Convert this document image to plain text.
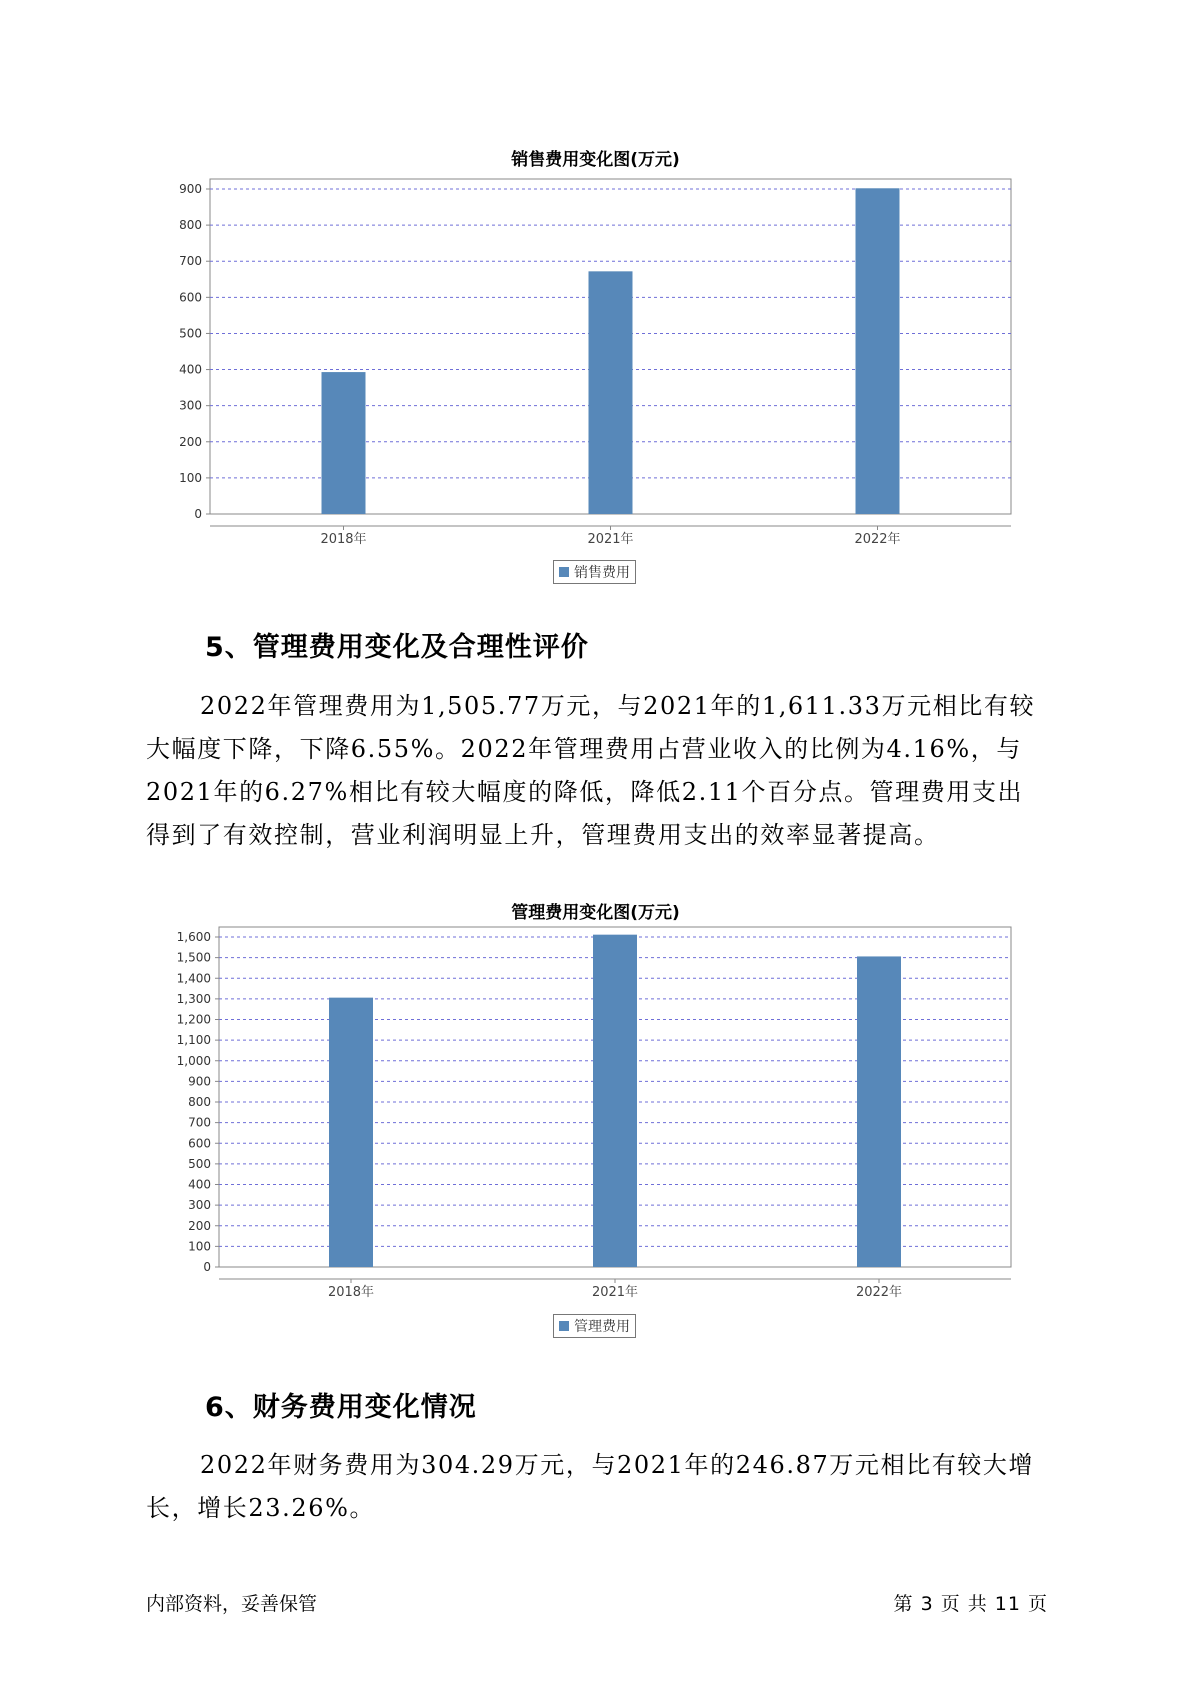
销售费用变化图(万元)
0
100
200
300
400
500
600
700
800
900
2018年	2021年	2022年
销售费用
5、管理费用变化及合理性评价

2022年管理费用为1,505.77万元，与2021年的1,611.33万元相比有较大幅度下降，下降6.55%。2022年管理费用占营业收入的比例为4.16%，与2021年的6.27%相比有较大幅度的降低，降低2.11个百分点。管理费用支出得到了有效控制，营业利润明显上升，管理费用支出的效率显著提高。

管理费用变化图(万元)
0
100
200
300
400
500
600
700
800
900
1,000
1,100
1,200
1,300
1,400
1,500
1,600
2018年	2021年	2022年
管理费用
6、财务费用变化情况

2022年财务费用为304.29万元，与2021年的246.87万元相比有较大增长，增长23.26%。

内部资料，妥善保管	第 3 页 共 11 页
